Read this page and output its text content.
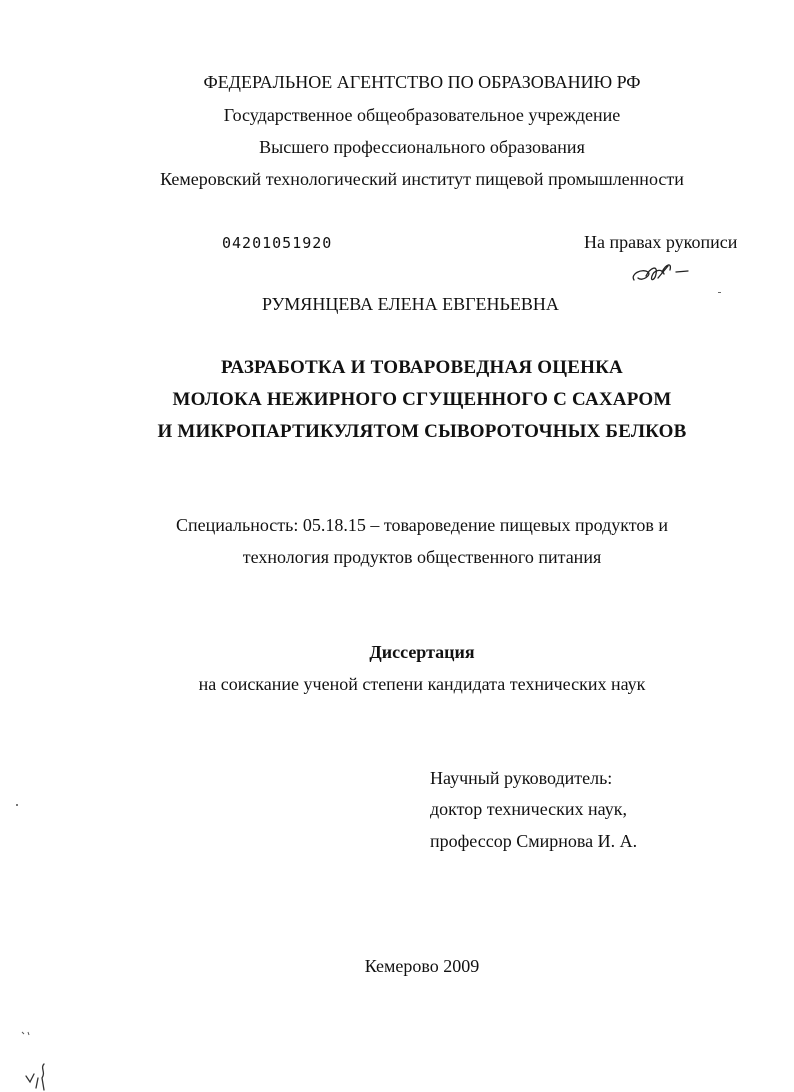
ФЕДЕРАЛЬНОЕ АГЕНТСТВО ПО ОБРАЗОВАНИЮ РФ
Государственное общеобразовательное учреждение
Высшего профессионального образования
Кемеровский технологический институт пищевой промышленности
04201051920	На правах рукописи
РУМЯНЦЕВА ЕЛЕНА ЕВГЕНЬЕВНА
РАЗРАБОТКА И ТОВАРОВЕДНАЯ ОЦЕНКА
МОЛОКА НЕЖИРНОГО СГУЩЕННОГО С САХАРОМ
И МИКРОПАРТИКУЛЯТОМ СЫВОРОТОЧНЫХ БЕЛКОВ
Специальность: 05.18.15 – товароведение пищевых продуктов и
технология продуктов общественного питания
Диссертация
на соискание ученой степени кандидата технических наук
Научный руководитель:
доктор технических наук,
профессор Смирнова И. А.
Кемерово 2009
